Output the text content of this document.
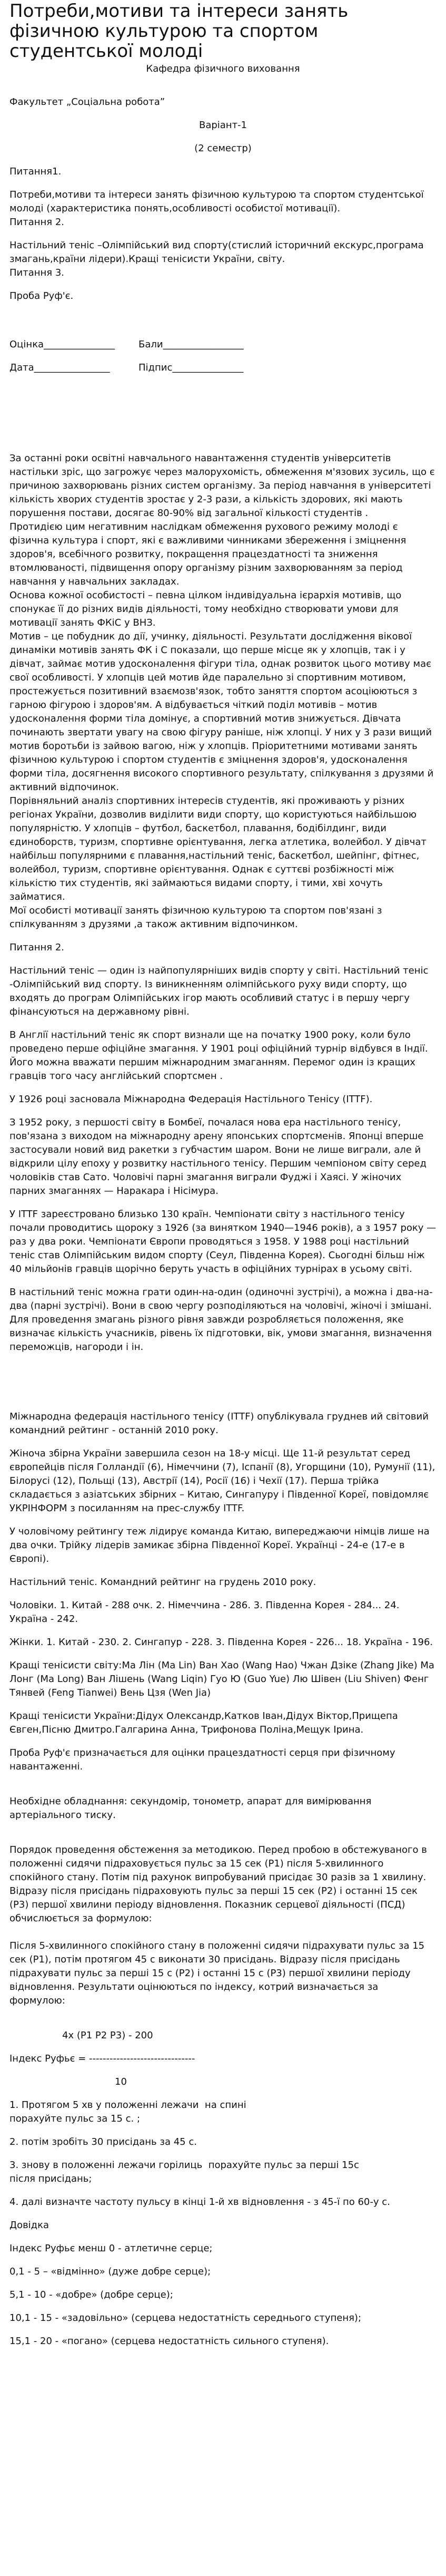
Потреби,мотиви та інтереси занять фізичною культурою та спортом студентської молоді
Кафедра фізичного виховання

Факультет „Соціальна робота”

Варіант-1

(2 семестр)

Питання1.

Потреби,мотиви та інтереси занять фізичною культурою та спортом студентської молоді (характеристика понять,особливості особистої мотивації).

Питання 2.

Настільний теніс –Олімпійський вид спорту(стислий історичний екскурс,програма змагань,країни лідери).Кращі тенісисти України, світу.

Питання 3.

Проба Руф'є.

Оцінка_______________	Бали_________________
Дата________________	Підпис_______________

За останні роки освітні навчального навантаження студентів університетів настільки зріс, що загрожує через малорухомість, обмеження м'язових зусиль, що є причиною захворювань різних систем організму. За період навчання в університеті кількість хворих студентів зростає у 2-3 рази, а кількість здорових, які мають порушення постави, досягає 80-90% від загальної кількості студентів .

Протидією цим негативним наслідкам обмеження рухового режиму молоді є фізична культура і спорт, які є важливими чинниками збереження і зміцнення здоров'я, всебічного розвитку, покращення працездатності та зниження втомлюваності, підвищення опору організму різним захворюванням за період навчання у навчальних закладах.

Основа кожної особистості – певна цілком індивідуальна ієрархія мотивів, що спонукає її до різних видів діяльності, тому необхідно створювати умови для мотивації занять ФКіС у ВНЗ.

Мотив – це побудник до дії, учинку, діяльності. Результати дослідження вікової динаміки мотивів занять ФК і С показали, що перше місце як у хлопців, так і у дівчат, займає мотив удосконалення фігури тіла, однак розвиток цього мотиву має свої особливості. У хлопців цей мотив йде паралельно зі спортивним мотивом, простежується позитивний взаємозв'язок, тобто заняття спортом асоціюються з гарною фігурою і здоров'ям. А відбувається чіткий поділ мотивів – мотив удосконалення форми тіла домінує, а спортивний мотив знижується. Дівчата починають звертати увагу на свою фігуру раніше, ніж хлопці. У них у 3 рази вищий мотив боротьби із зайвою вагою, ніж у хлопців. Пріоритетними мотивами занять фізичною культурою і спортом студентів є зміцнення здоров'я, удосконалення форми тіла, досягнення високого спортивного результату, спілкування з друзями й активний відпочинок.

Порівняльний аналіз спортивних інтересів студентів, які проживають у різних регіонах України, дозволив виділити види спорту, що користуються найбільшою популярністю. У хлопців – футбол, баскетбол, плавання, бодібілдинг, види єдиноборств, туризм, спортивне орієнтування, легка атлетика, волейбол. У дівчат найбільш популярними є плавання,настільний теніс, баскетбол, шейпінг, фітнес, волейбол, туризм, спортивне орієнтування. Однак є суттєві розбіжності між кількістю тих студентів, які займаються видами спорту, і тими, хві хочуть займатися.

Мої особисті мотивації занять фізичною культурою та спортом пов'язані з спілкуванням з друзями ,а також активним відпочинком.

Питання 2.

Настільний теніс — один із найпопулярніших видів спорту у світі. Настільний теніс -Олімпійський вид спорту. Із виникненням олімпійського руху види спорту, що входять до програм Олімпійських ігор мають особливий статус і в першу чергу фінансуються на державному рівні.

В Англії настільний теніс як спорт визнали ще на початку 1900 року, коли було проведено перше офіційне змагання. У 1901 році офіційний турнір відбувся в Індії. Його можна вважати першим міжнародним змаганням. Перемог один із кращих гравців того часу англійський спортсмен .

У 1926 році засновала Міжнародна Федерація Настільного Тенісу (ITTF).

З 1952 року, з першості світу в Бомбеї, почалася нова ера настільного тенісу, пов'язана з виходом на міжнародну арену японських спортсменів. Японці вперше застосували новий вид ракетки з губчастим шаром. Вони не лише виграли, але й відкрили цілу епоху у розвитку настільного тенісу. Першим чемпіоном світу серед чоловіків став Сато. Чоловічі парні змагання виграли Фуджі і Хаясі. У жіночих парних змаганнях — Наракара і Нісімура.

У ITTF зареєстровано близько 130 країн. Чемпіонати світу з настільного тенісу почали проводитись щороку з 1926 (за винятком 1940—1946 років), а з 1957 року — раз у два роки. Чемпіонати Європи проводяться з 1958. У 1988 році настільний теніс став Олімпійським видом спорту (Сеул, Південна Корея). Сьогодні більш ніж 40 мільйонів гравців щорічно беруть участь в офіційних турнірах в усьому світі.

В настільний теніс можна грати один-на-один (одиночні зустрічі), а можна і два-на-два (парні зустрічі). Вони в свою чергу розподіляються на чоловічі, жіночі і змішані. Для проведення змагань різного рівня завжди розробляється положення, яке визначає кількість учасників, рівень їх підготовки, вік, умови змагання, визначення переможців, нагороди і ін.

Міжнародна федерація настільного тенісу (ITTF) опублікувала груднев ий світовий командний рейтинг - останній 2010 року.

Жіноча збірна України завершила сезон на 18-у місці. Ще 11-й результат серед європейців після Голландії (6), Німеччини (7), Іспанії (8), Угорщини (10), Румунії (11), Білорусі (12), Польщі (13), Австрії (14), Росії (16) і Чехії (17). Перша трійка складається з азіатських збірних – Китаю, Сингапуру і Південної Кореї, повідомляє УКРІНФОРМ з посиланням на прес-службу ITTF.

У чоловічому рейтингу теж лідирує команда Китаю, випереджаючи німців лише на два очки. Трійку лідерів замикає збірна Південної Кореї. Українці - 24-е (17-е в Європі).

Настільний теніс. Командний рейтинг на грудень 2010 року.

Чоловіки. 1. Китай - 288 очк. 2. Німеччина - 286. 3. Південна Корея - 284... 24. Україна - 242.

Жінки. 1. Китай - 230. 2. Сингапур - 228. 3. Південна Корея - 226... 18. Україна - 196.

Кращі тенісисти світу:Ма Лін (Ma Lin) Ван Хао (Wang Hao) Чжан Дзіке (Zhang Jike) Ма Лонг (Ma Long) Ван Лішень (Wang Liqin) Гуо Ю (Guo Yue) Лю Шівен (Liu Shiven) Фенг Тянвей (Feng Tianwei) Вень Цзя (Wen Jia)

Кращі тенісисти України:Дідух Олександр,Катков Іван,Дідух Віктор,Прищепа Євген,Пісню Дмитро.Галгарина Анна, Трифонова Поліна,Мещук Ірина.

Проба Руф'є призначається для оцінки працездатності серця при фізичному навантаженні.

Необхідне обладнання: секундомір, тонометр, апарат для вимірювання артеріального тиску.

Порядок проведення обстеження за методикою. Перед пробою в обстежуваного в положенні сидячи підраховується пульс за 15 сек (Р1) після 5-хвилинного спокійного стану. Потім під рахунок випробуваний присідає 30 разів за 1 хвилину. Відразу після присідань підраховують пульс за перші 15 сек (Р2) і останні 15 сек (Р3) першої хвилини періоду відновлення. Показник серцевої діяльності (ПСД) обчислюється за формулою:

Після 5-хвилинного спокійного стану в положенні сидячи підрахувати пульс за 15 сек (Р1), потім протягом 45 с виконати 30 присідань. Відразу після присідань підрахувати пульс за перші 15 с (Р2) і останні 15 с (Р3) першої хвилини періоду відновлення. Результати оцінюються по індексу, котрий визначається за формулою:

4х (Р1 Р2 Р3) - 200

Індекс Руфьє = -------------------------------

10

1. Протягом 5 хв у положенні лежачи  на спині
порахуйте пульс за 15 с. ;

2. потім зробіть 30 присідань за 45 с.

3. знову в положенні лежачи горілиць  порахуйте пульс за перші 15с
після присідань;

4. далі визначте частоту пульсу в кінці 1-й хв відновлення - з 45-ї по 60-у с.

Довідка

Індекс Руфьє менш 0 - атлетичне серце;

0,1 - 5 – «відмінно» (дуже добре серце);

5,1 - 10 - «добре» (добре серце);

10,1 - 15 - «задовільно» (серцева недостатність середнього ступеня);

15,1 - 20 - «погано» (серцева недостатність сильного ступеня).
